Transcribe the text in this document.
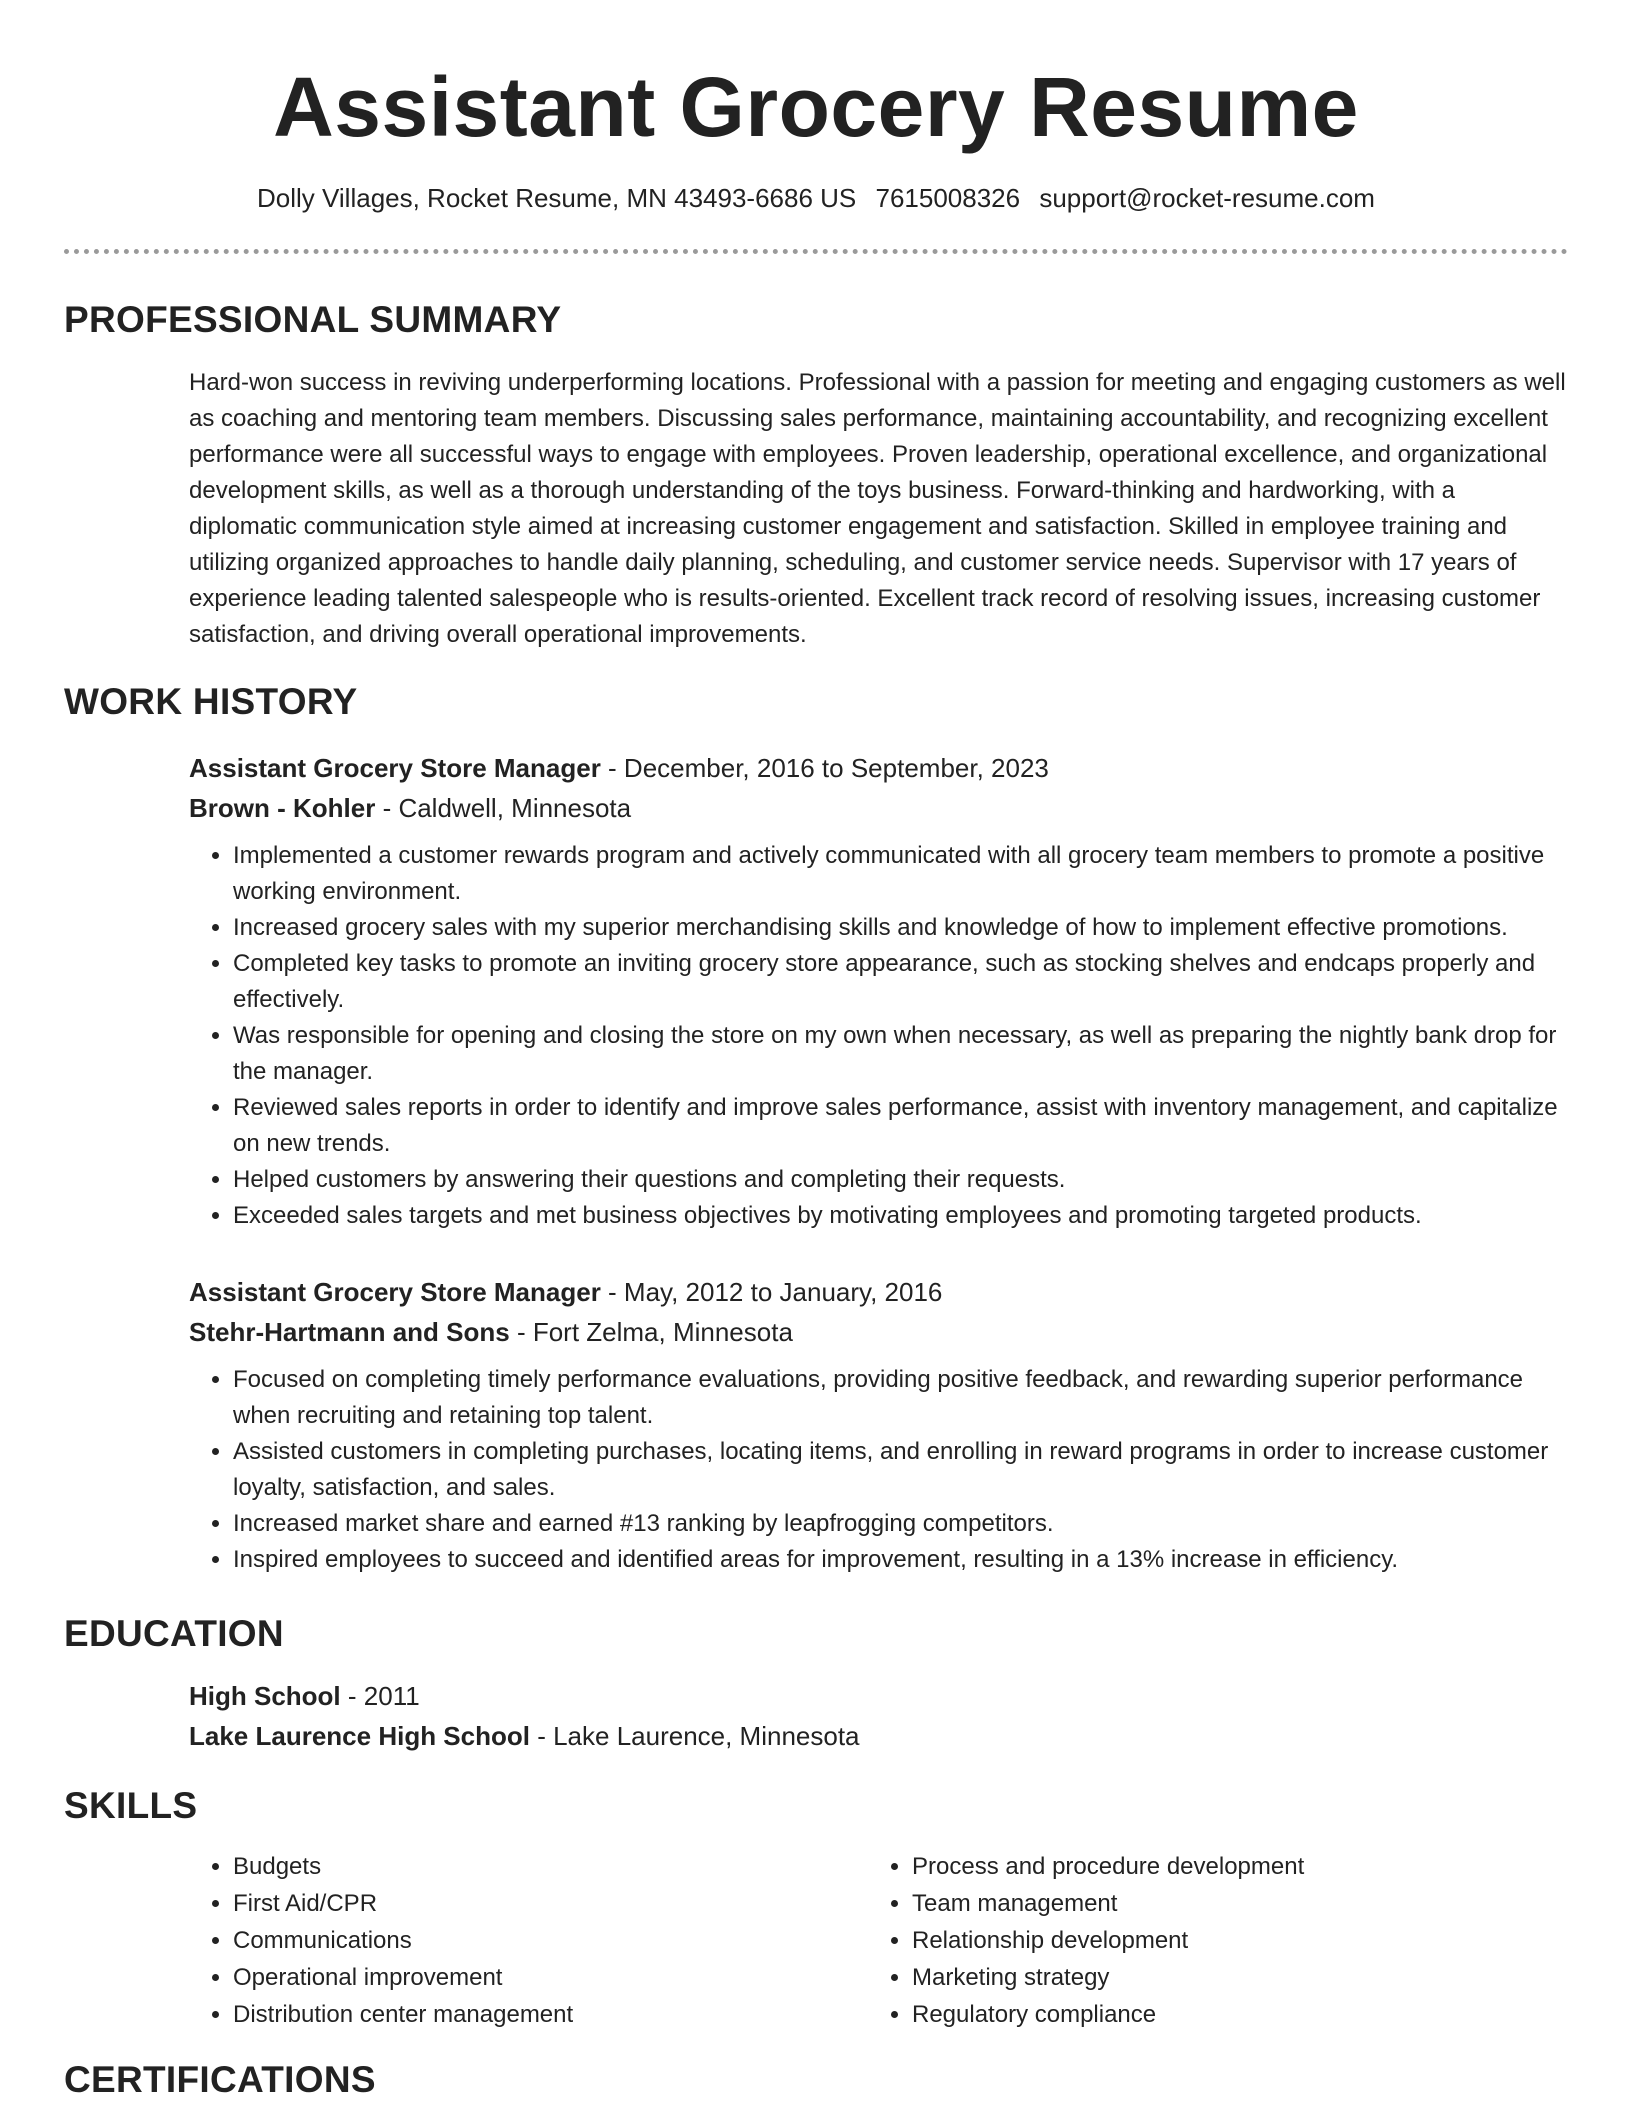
Assistant Grocery Resume
Dolly Villages, Rocket Resume, MN 43493-6686 US 7615008326 support@rocket-resume.com
PROFESSIONAL SUMMARY

Hard-won success in reviving underperforming locations. Professional with a passion for meeting and engaging customers as well as coaching and mentoring team members. Discussing sales performance, maintaining accountability, and recognizing excellent performance were all successful ways to engage with employees. Proven leadership, operational excellence, and organizational development skills, as well as a thorough understanding of the toys business. Forward-thinking and hardworking, with a diplomatic communication style aimed at increasing customer engagement and satisfaction. Skilled in employee training and utilizing organized approaches to handle daily planning, scheduling, and customer service needs. Supervisor with 17 years of experience leading talented salespeople who is results-oriented. Excellent track record of resolving issues, increasing customer satisfaction, and driving overall operational improvements.

WORK HISTORY
Assistant Grocery Store Manager - December, 2016 to September, 2023
Brown - Kohler - Caldwell, Minnesota
• Implemented a customer rewards program and actively communicated with all grocery team members to promote a positive working environment.
• Increased grocery sales with my superior merchandising skills and knowledge of how to implement effective promotions.
• Completed key tasks to promote an inviting grocery store appearance, such as stocking shelves and endcaps properly and effectively.
• Was responsible for opening and closing the store on my own when necessary, as well as preparing the nightly bank drop for the manager.
• Reviewed sales reports in order to identify and improve sales performance, assist with inventory management, and capitalize on new trends.
• Helped customers by answering their questions and completing their requests.
• Exceeded sales targets and met business objectives by motivating employees and promoting targeted products.
Assistant Grocery Store Manager - May, 2012 to January, 2016
Stehr-Hartmann and Sons - Fort Zelma, Minnesota
• Focused on completing timely performance evaluations, providing positive feedback, and rewarding superior performance when recruiting and retaining top talent.
• Assisted customers in completing purchases, locating items, and enrolling in reward programs in order to increase customer loyalty, satisfaction, and sales.
• Increased market share and earned #13 ranking by leapfrogging competitors.
• Inspired employees to succeed and identified areas for improvement, resulting in a 13% increase in efficiency.
EDUCATION
High School - 2011
Lake Laurence High School - Lake Laurence, Minnesota
SKILLS
• Budgets
• First Aid/CPR
• Communications
• Operational improvement
• Distribution center management
• Process and procedure development
• Team management
• Relationship development
• Marketing strategy
• Regulatory compliance
CERTIFICATIONS
